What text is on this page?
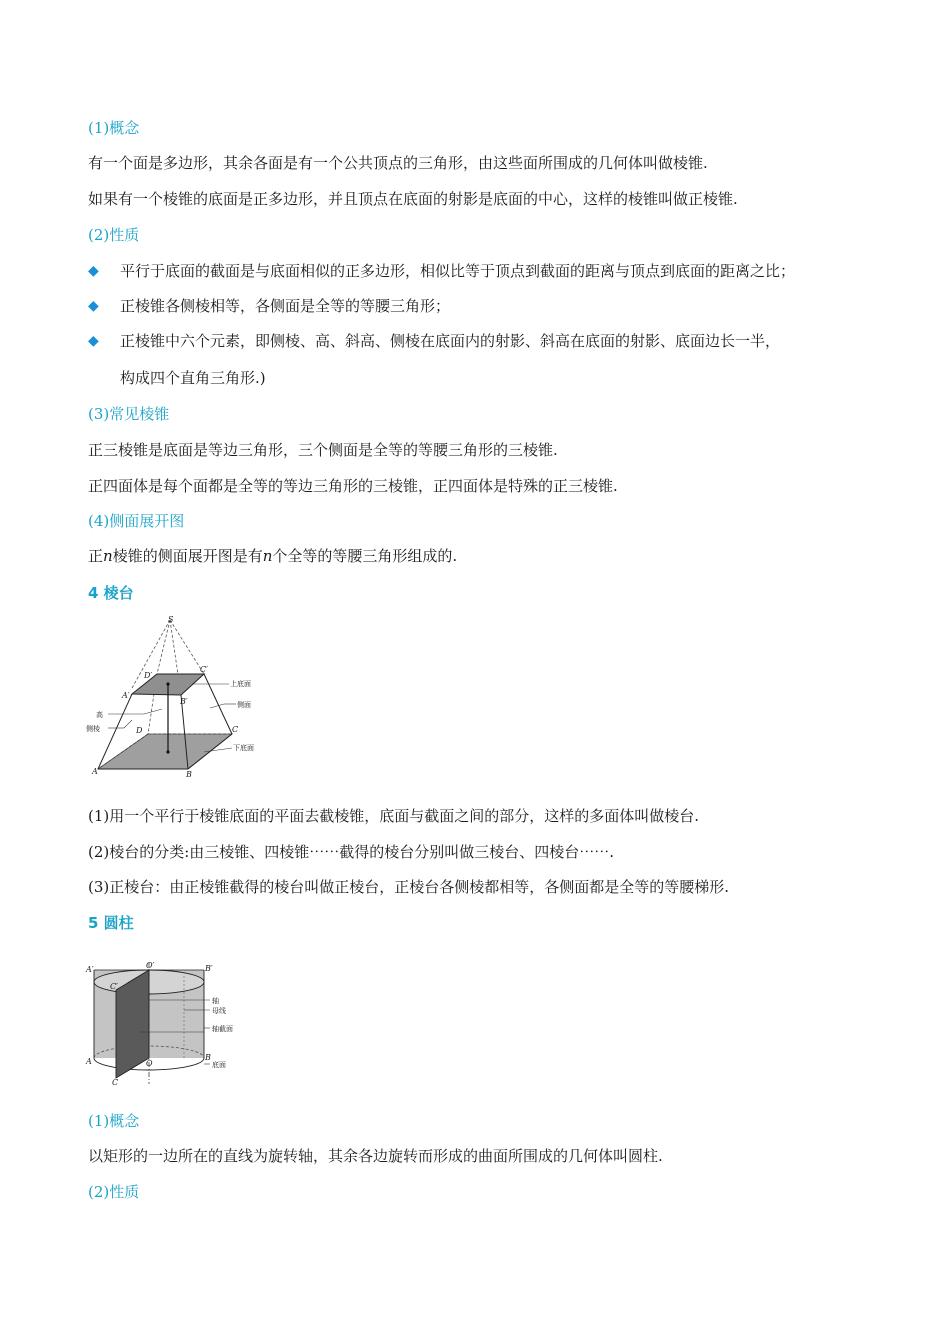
(1)概念
有一个面是多边形，其余各面是有一个公共顶点的三角形，由这些面所围成的几何体叫做棱锥.
如果有一个棱锥的底面是正多边形，并且顶点在底面的射影是底面的中心，这样的棱锥叫做正棱锥.
(2)性质
◆ 平行于底面的截面是与底面相似的正多边形，相似比等于顶点到截面的距离与顶点到底面的距离之比；
◆ 正棱锥各侧棱相等，各侧面是全等的等腰三角形；
◆ 正棱锥中六个元素，即侧棱、高、斜高、侧棱在底面内的射影、斜高在底面的射影、底面边长一半，
构成四个直角三角形.)
(3)常见棱锥
正三棱锥是底面是等边三角形，三个侧面是全等的等腰三角形的三棱锥.
正四面体是每个面都是全等的等边三角形的三棱锥，正四面体是特殊的正三棱锥.
(4)侧面展开图
正n棱锥的侧面展开图是有n个全等的等腰三角形组成的.
4 棱台
S
D′
C′
A′
B′
D	C
A	B
上底面
侧面
高
侧棱
下底面
(1)用一个平行于棱锥底面的平面去截棱锥，底面与截面之间的部分，这样的多面体叫做棱台.
(2)棱台的分类:由三棱锥、四棱锥⋯⋯截得的棱台分别叫做三棱台、四棱台⋯⋯.
(3)正棱台：由正棱锥截得的棱台叫做正棱台，正棱台各侧棱都相等，各侧面都是全等的等腰梯形.
5 圆柱
A′	O′	B′
C′
A	O
B
C
轴
母线
轴截面
底面
(1)概念
以矩形的一边所在的直线为旋转轴，其余各边旋转而形成的曲面所围成的几何体叫圆柱.
(2)性质
